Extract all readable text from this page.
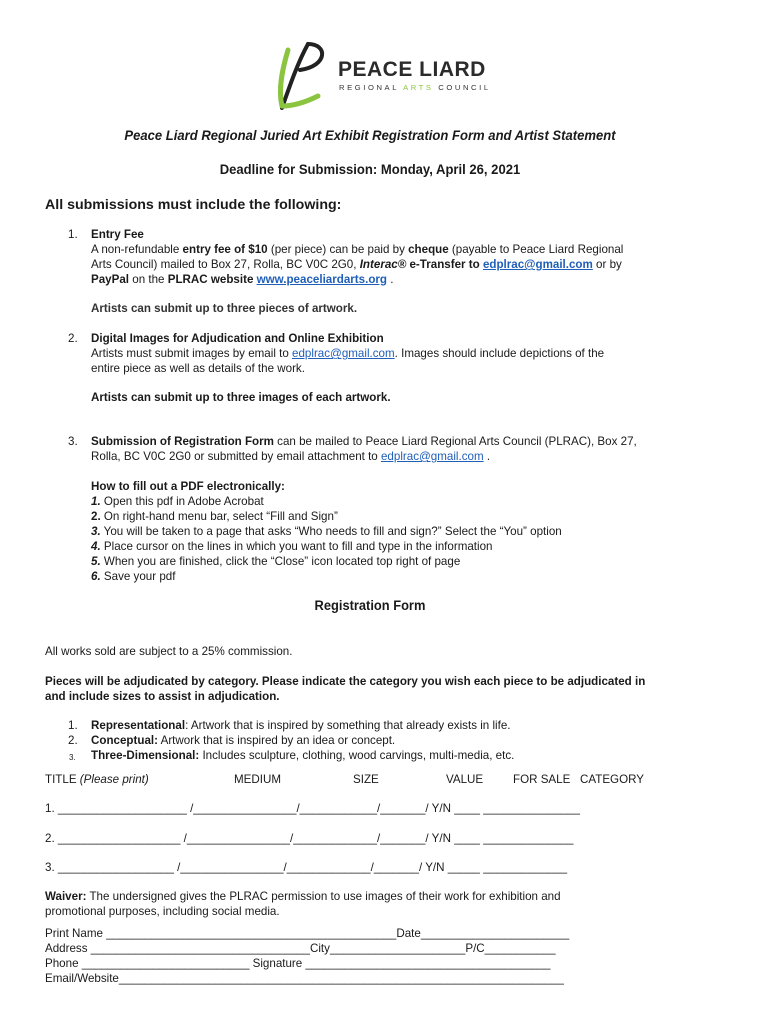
PEACE LIARD
REGIONAL ARTS COUNCIL
Peace Liard Regional Juried Art Exhibit Registration Form and Artist Statement
Deadline for Submission: Monday, April 26, 2021
All submissions must include the following:
1. Entry Fee
A non-refundable entry fee of $10 (per piece) can be paid by cheque (payable to Peace Liard Regional
Arts Council) mailed to Box 27, Rolla, BC V0C 2G0, Interac® e-Transfer to edplrac@gmail.com or by
PayPal on the PLRAC website www.peaceliardarts.org .
Artists can submit up to three pieces of artwork.
2. Digital Images for Adjudication and Online Exhibition
Artists must submit images by email to edplrac@gmail.com. Images should include depictions of the
entire piece as well as details of the work.
Artists can submit up to three images of each artwork.
3. Submission of Registration Form can be mailed to Peace Liard Regional Arts Council (PLRAC), Box 27,
Rolla, BC V0C 2G0 or submitted by email attachment to edplrac@gmail.com .
How to fill out a PDF electronically:
1. Open this pdf in Adobe Acrobat
2. On right-hand menu bar, select “Fill and Sign”
3. You will be taken to a page that asks “Who needs to fill and sign?” Select the “You” option
4. Place cursor on the lines in which you want to fill and type in the information
5. When you are finished, click the “Close” icon located top right of page
6. Save your pdf
Registration Form
All works sold are subject to a 25% commission.
Pieces will be adjudicated by category. Please indicate the category you wish each piece to be adjudicated in
and include sizes to assist in adjudication.
1. Representational: Artwork that is inspired by something that already exists in life.
2. Conceptual: Artwork that is inspired by an idea or concept.
3. Three-Dimensional: Includes sculpture, clothing, wood carvings, multi-media, etc.
TITLE (Please print)	MEDIUM	SIZE	VALUE	FOR SALE CATEGORY
1. ____________________ /________________/____________/_______/ Y/N ____ _______________
2. ___________________ /________________/_____________/_______/ Y/N ____ ______________
3. __________________ /________________/_____________/_______/ Y/N _____ _____________
Waiver: The undersigned gives the PLRAC permission to use images of their work for exhibition and
promotional purposes, including social media.
Print Name _____________________________________________Date_______________________
Address __________________________________City_____________________P/C___________
Phone __________________________ Signature ______________________________________
Email/Website_____________________________________________________________________
